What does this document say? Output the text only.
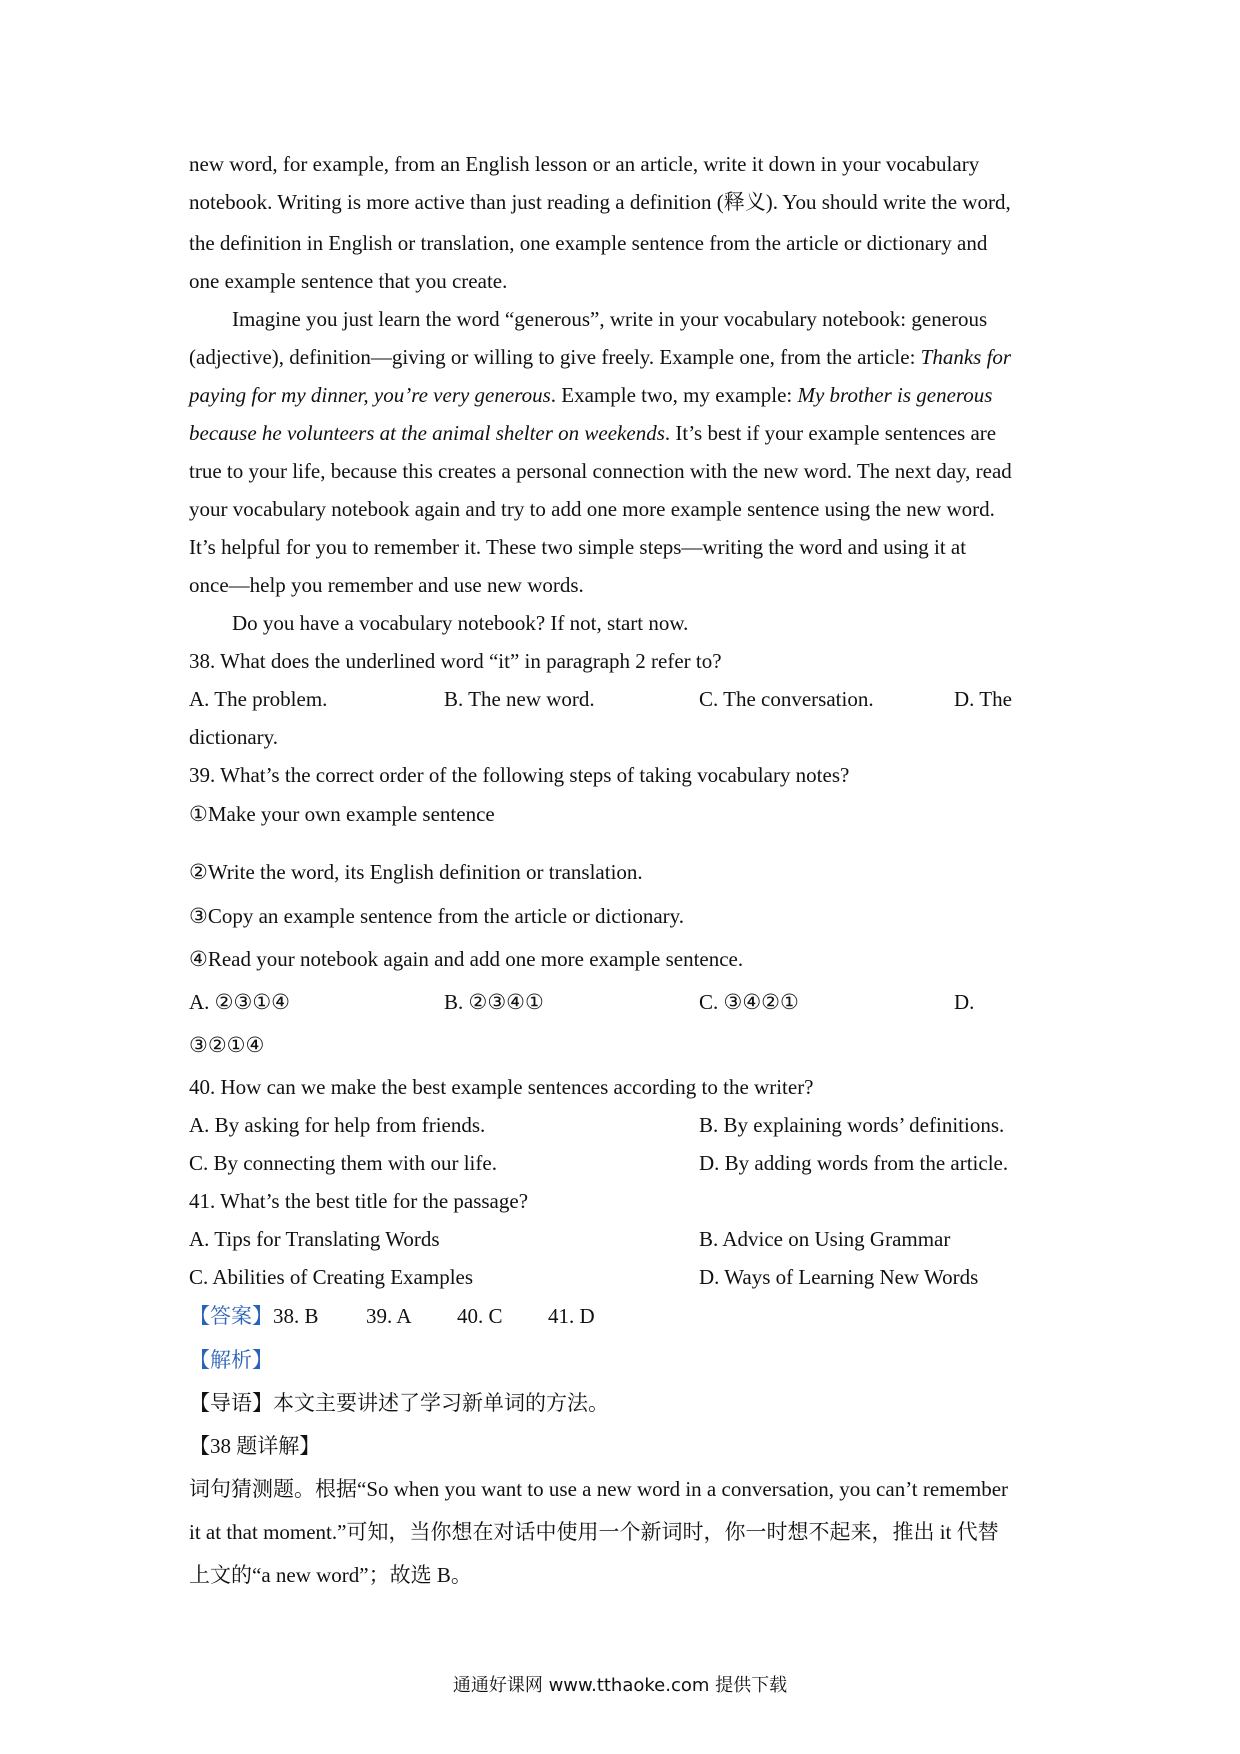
new word, for example, from an English lesson or an article, write it down in your vocabulary
notebook. Writing is more active than just reading a definition (释义). You should write the word,
the definition in English or translation, one example sentence from the article or dictionary and
one example sentence that you create.
Imagine you just learn the word “generous”, write in your vocabulary notebook: generous
(adjective), definition—giving or willing to give freely. Example one, from the article: Thanks for
paying for my dinner, you’re very generous. Example two, my example: My brother is generous
because he volunteers at the animal shelter on weekends. It’s best if your example sentences are
true to your life, because this creates a personal connection with the new word. The next day, read
your vocabulary notebook again and try to add one more example sentence using the new word.
It’s helpful for you to remember it. These two simple steps—writing the word and using it at
once—help you remember and use new words.
Do you have a vocabulary notebook? If not, start now.
38. What does the underlined word “it” in paragraph 2 refer to?
A. The problem.	B. The new word.	C. The conversation.	D. The
dictionary.
39. What’s the correct order of the following steps of taking vocabulary notes?
①Make your own example sentence
②Write the word, its English definition or translation.
③Copy an example sentence from the article or dictionary.
④Read your notebook again and add one more example sentence.
A. ②③①④	B. ②③④①	C. ③④②①	D.
③②①④
40. How can we make the best example sentences according to the writer?
A. By asking for help from friends.	B. By explaining words’ definitions.
C. By connecting them with our life.	D. By adding words from the article.
41. What’s the best title for the passage?
A. Tips for Translating Words	B. Advice on Using Grammar
C. Abilities of Creating Examples	D. Ways of Learning New Words
【答案】38. B 39. A 40. C 41. D
【解析】
【导语】本文主要讲述了学习新单词的方法。
【38 题详解】
词句猜测题。根据“So when you want to use a new word in a conversation, you can’t remember
it at that moment.”可知，当你想在对话中使用一个新词时，你一时想不起来，推出 it 代替
上文的“a new word”；故选 B。
通通好课网 www.tthaoke.com 提供下载
